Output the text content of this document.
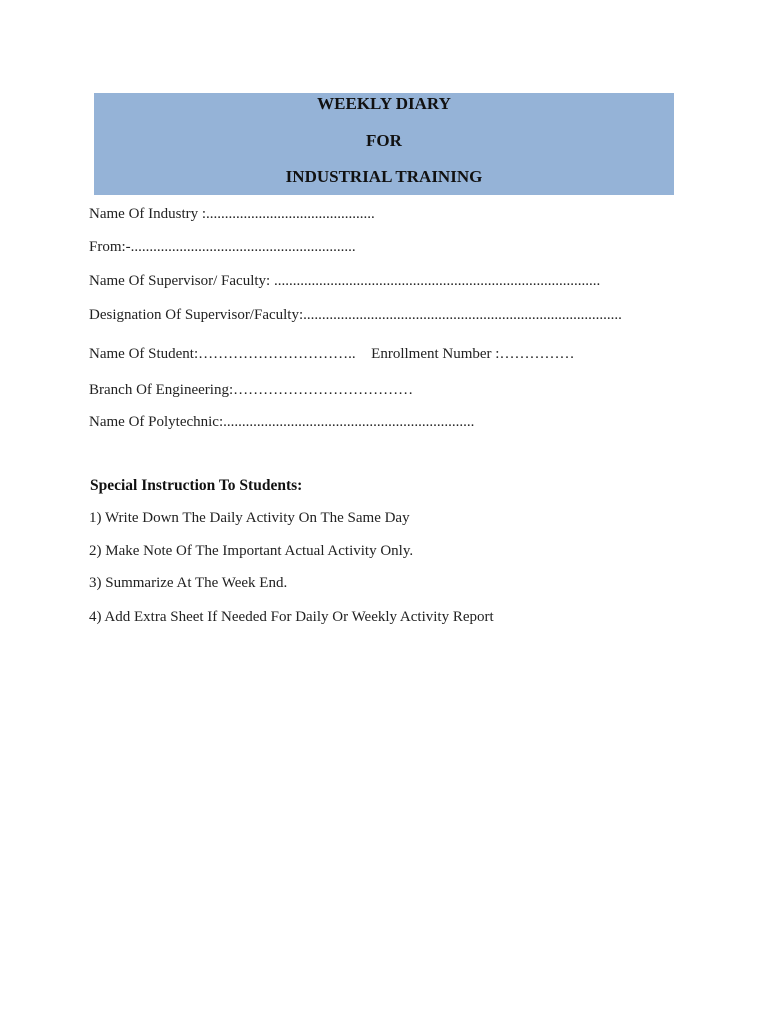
WEEKLY DIARY
FOR
INDUSTRIAL TRAINING
Name Of Industry :.............................................
From:-............................................................
Name Of Supervisor/ Faculty: .......................................................................................
Designation Of Supervisor/Faculty:.....................................................................................
Name Of Student:………………………….. Enrollment Number :……………
Branch Of Engineering:………………………………
Name Of Polytechnic:...................................................................
Special Instruction To Students:
1) Write Down The Daily Activity On The Same Day
2) Make Note Of The Important Actual Activity Only.
3) Summarize At The Week End.
4) Add Extra Sheet If Needed For Daily Or Weekly Activity Report
